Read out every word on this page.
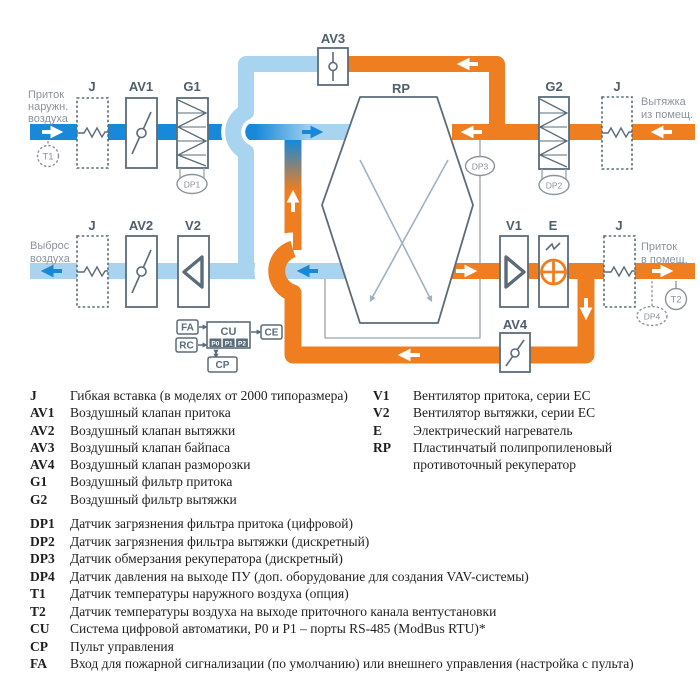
RP
T1
DP1	DP2
DP3
DP4
T2
FA
RC
CU
P0 P1 P2
CE
CP
J	AV1 G1
AV3
G2	J
J	AV2 V2	V1 E	J
AV4
Приток
наружн.
воздуха
Вытяжка
из помещ.
Выброс
воздуха
Приток
в помещ.
J Гибкая вставка (в моделях от 2000 типоразмера)
AV1 Воздушный клапан притока
AV2 Воздушный клапан вытяжки
AV3 Воздушный клапан байпаса
AV4 Воздушный клапан разморозки
G1 Воздушный фильтр притока
G2 Воздушный фильтр вытяжки
V1 Вентилятор притока, серии EC
V2 Вентилятор вытяжки, серии EC
E Электрический нагреватель
RP Пластинчатый полипропиленовый
противоточный рекуператор
DP1 Датчик загрязнения фильтра притока (цифровой)
DP2 Датчик загрязнения фильтра вытяжки (дискретный)
DP3 Датчик обмерзания рекуператора (дискретный)
DP4 Датчик давления на выходе ПУ (доп. оборудование для создания VAV-системы)
T1 Датчик температуры наружного воздуха (опция)
T2 Датчик температуры воздуха на выходе приточного канала вентустановки
CU Система цифровой автоматики, P0 и P1 – порты RS-485 (ModBus RTU)*
CP Пульт управления
FA Вход для пожарной сигнализации (по умолчанию) или внешнего управления (настройка с пульта)
